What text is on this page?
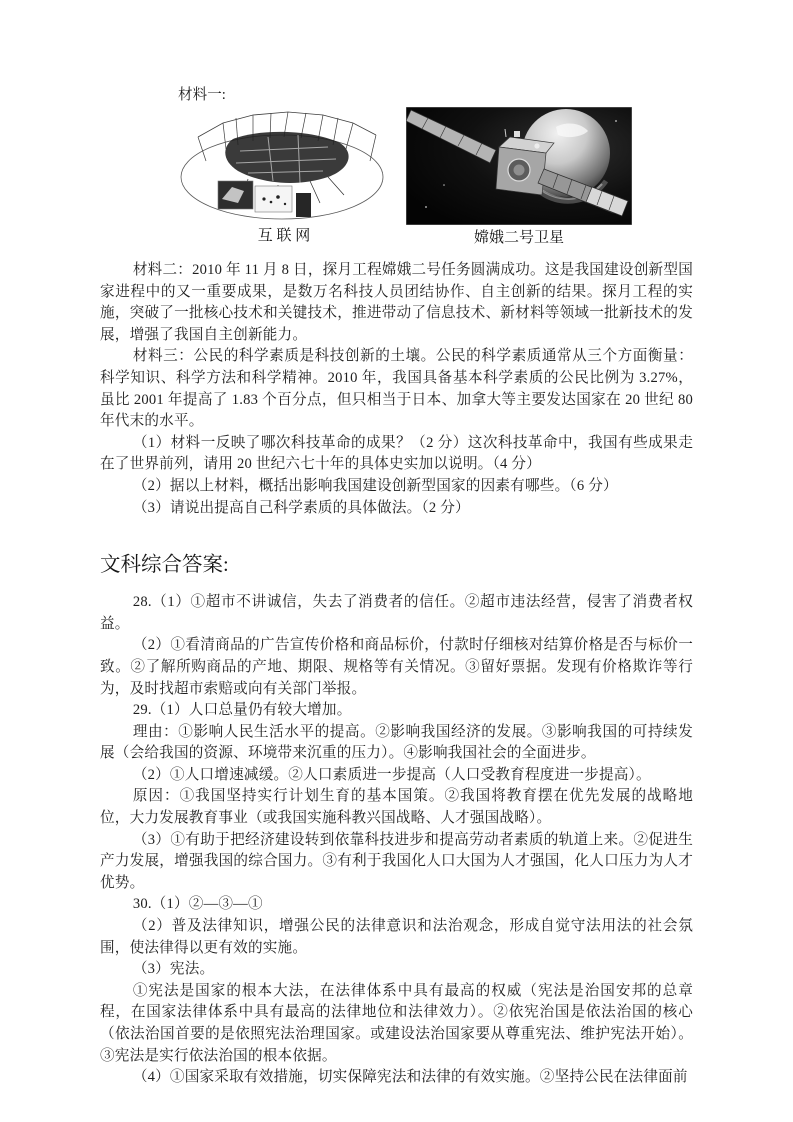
材料一:
互 联 网	嫦娥二号卫星

材料二：2010 年 11 月 8 日，探月工程嫦娥二号任务圆满成功。这是我国建设创新型国家进程中的又一重要成果，是数万名科技人员团结协作、自主创新的结果。探月工程的实施，突破了一批核心技术和关键技术，推进带动了信息技术、新材料等领域一批新技术的发展，增强了我国自主创新能力。

材料三：公民的科学素质是科技创新的土壤。公民的科学素质通常从三个方面衡量：科学知识、科学方法和科学精神。2010 年，我国具备基本科学素质的公民比例为 3.27%，虽比 2001 年提高了 1.83 个百分点，但只相当于日本、加拿大等主要发达国家在 20 世纪 80 年代末的水平。

（1）材料一反映了哪次科技革命的成果？（2 分）这次科技革命中，我国有些成果走在了世界前列，请用 20 世纪六七十年的具体史实加以说明。（4 分）

（2）据以上材料，概括出影响我国建设创新型国家的因素有哪些。（6 分）

（3）请说出提高自己科学素质的具体做法。（2 分）

文科综合答案:

28.（1）①超市不讲诚信，失去了消费者的信任。②超市违法经营，侵害了消费者权益。

（2）①看清商品的广告宣传价格和商品标价，付款时仔细核对结算价格是否与标价一致。②了解所购商品的产地、期限、规格等有关情况。③留好票据。发现有价格欺诈等行为，及时找超市索赔或向有关部门举报。

29.（1）人口总量仍有较大增加。

理由：①影响人民生活水平的提高。②影响我国经济的发展。③影响我国的可持续发展（会给我国的资源、环境带来沉重的压力）。④影响我国社会的全面进步。

（2）①人口增速减缓。②人口素质进一步提高（人口受教育程度进一步提高）。

原因：①我国坚持实行计划生育的基本国策。②我国将教育摆在优先发展的战略地位，大力发展教育事业（或我国实施科教兴国战略、人才强国战略）。

（3）①有助于把经济建设转到依靠科技进步和提高劳动者素质的轨道上来。②促进生产力发展，增强我国的综合国力。③有利于我国化人口大国为人才强国，化人口压力为人才优势。

30.（1）②—③—①

（2）普及法律知识，增强公民的法律意识和法治观念，形成自觉守法用法的社会氛围，使法律得以更有效的实施。

（3）宪法。

①宪法是国家的根本大法，在法律体系中具有最高的权威（宪法是治国安邦的总章程，在国家法律体系中具有最高的法律地位和法律效力）。②依宪治国是依法治国的核心（依法治国首要的是依照宪法治理国家。或建设法治国家要从尊重宪法、维护宪法开始）。③宪法是实行依法治国的根本依据。

（4）①国家采取有效措施，切实保障宪法和法律的有效实施。②坚持公民在法律面前
